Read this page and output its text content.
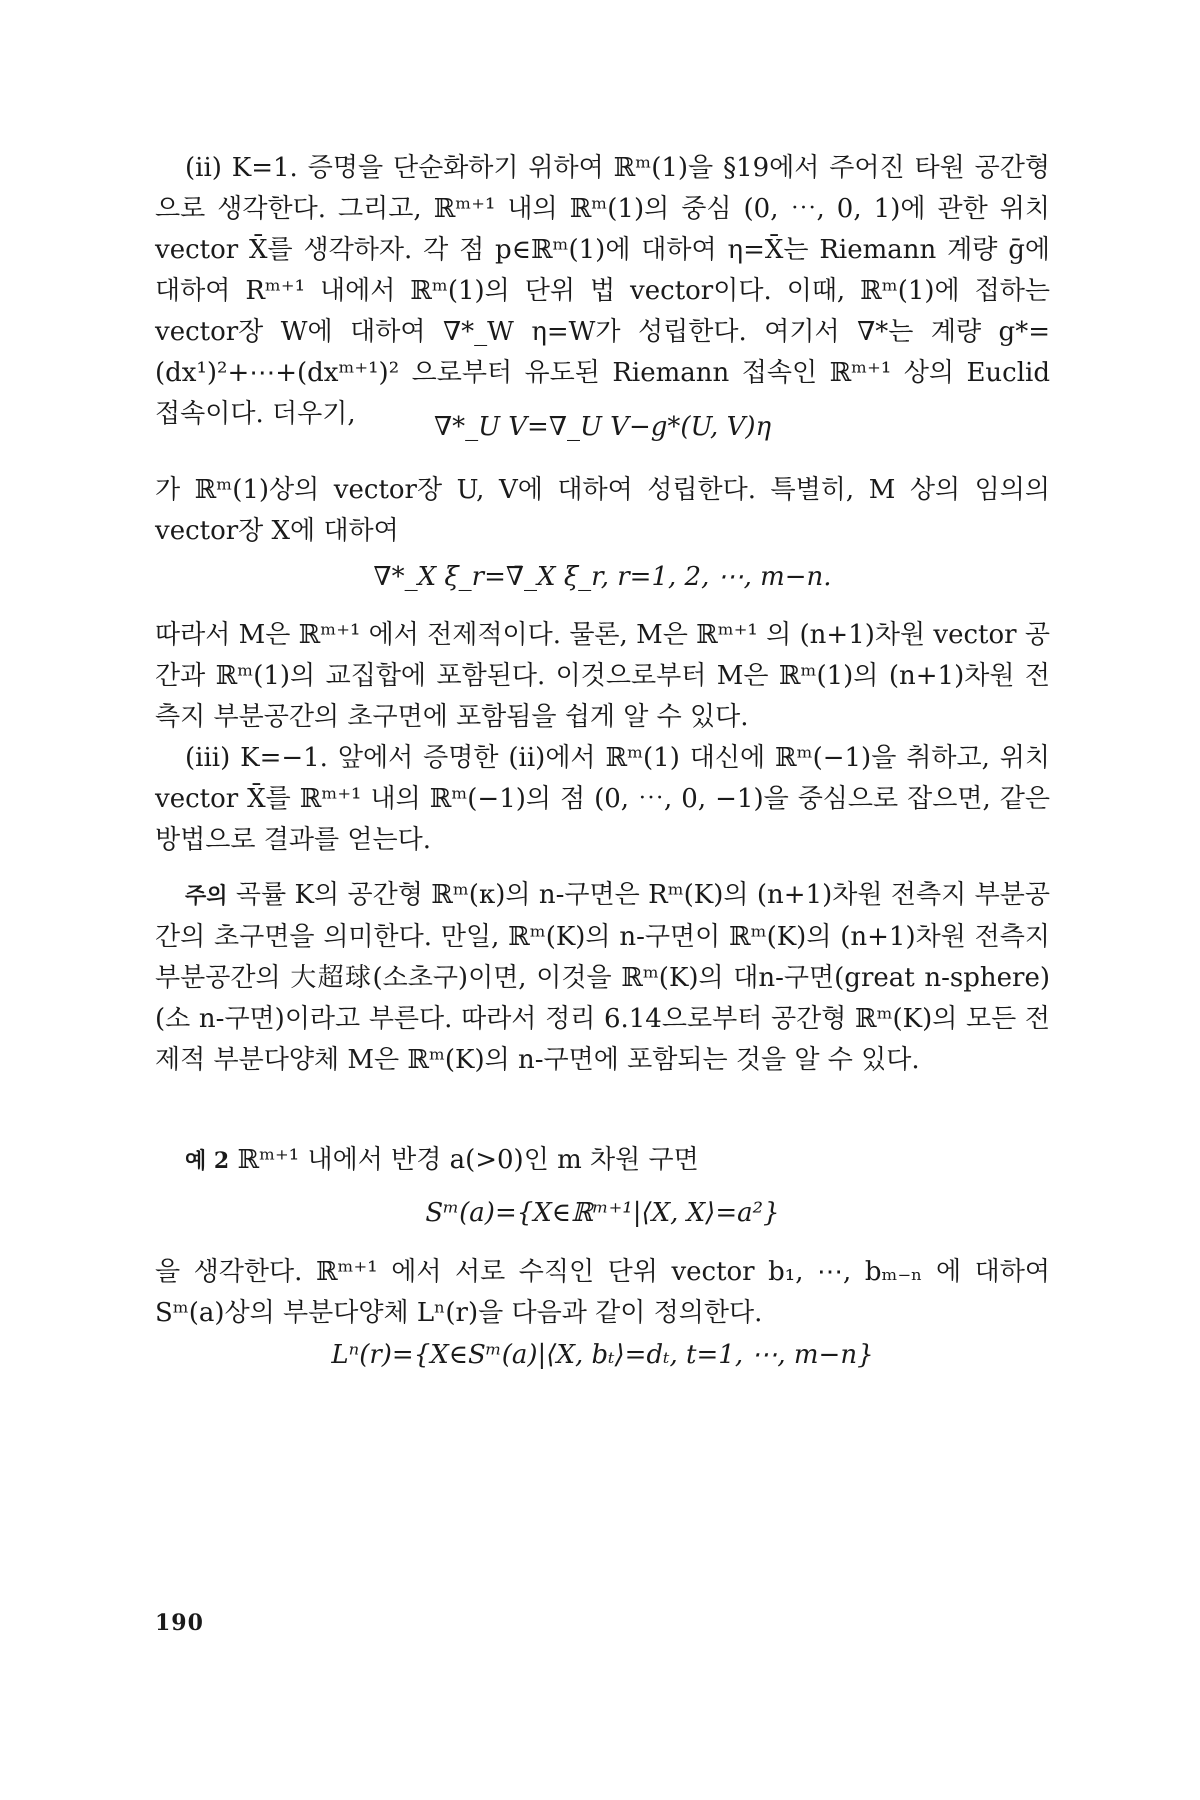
(ii) K=1. 증명을 단순화하기 위하여 ℝᵐ(1)을 §19에서 주어진 타원 공간형으로 생각한다. 그리고, ℝᵐ⁺¹ 내의 ℝᵐ(1)의 중심 (0, ⋯, 0, 1)에 관한 위치 vector X̄를 생각하자. 각 점 p∈ℝᵐ(1)에 대하여 η=X̄는 Riemann 계량 ḡ에 대하여 Rᵐ⁺¹ 내에서 ℝᵐ(1)의 단위 법 vector이다. 이때, ℝᵐ(1)에 접하는 vector장 W에 대하여 ∇*_W η=W가 성립한다. 여기서 ∇*는 계량 g*=(dx¹)²+⋯+(dxᵐ⁺¹)² 으로부터 유도된 Riemann 접속인 ℝᵐ⁺¹ 상의 Euclid 접속이다. 더우기,	∇*_U V=∇_U V−g*(U, V)η

가 ℝᵐ(1)상의 vector장 U, V에 대하여 성립한다. 특별히, M 상의 임의의 vector장 X에 대하여

∇*_X ξ_r=∇̄_X ξ_r, r=1, 2, ⋯, m−n.

따라서 M은 ℝᵐ⁺¹ 에서 전제적이다. 물론, M은 ℝᵐ⁺¹ 의 (n+1)차원 vector 공간과 ℝᵐ(1)의 교집합에 포함된다. 이것으로부터 M은 ℝᵐ(1)의 (n+1)차원 전측지 부분공간의 초구면에 포함됨을 쉽게 알 수 있다.

(iii) K=−1. 앞에서 증명한 (ii)에서 ℝᵐ(1) 대신에 ℝᵐ(−1)을 취하고, 위치 vector X̄를 ℝᵐ⁺¹ 내의 ℝᵐ(−1)의 점 (0, ⋯, 0, −1)을 중심으로 잡으면, 같은 방법으로 결과를 얻는다.

주의 곡률 K의 공간형 ℝᵐ(κ)의 n-구면은 Rᵐ(K)의 (n+1)차원 전측지 부분공간의 초구면을 의미한다. 만일, ℝᵐ(K)의 n-구면이 ℝᵐ(K)의 (n+1)차원 전측지 부분공간의 大超球(소초구)이면, 이것을 ℝᵐ(K)의 대n-구면(great n-sphere)(소 n-구면)이라고 부른다. 따라서 정리 6.14으로부터 공간형 ℝᵐ(K)의 모든 전제적 부분다양체 M은 ℝᵐ(K)의 n-구면에 포함되는 것을 알 수 있다.

예 2 ℝᵐ⁺¹ 내에서 반경 a(>0)인 m 차원 구면

Sᵐ(a)={X∈ℝᵐ⁺¹|⟨X, X⟩=a²}

을 생각한다. ℝᵐ⁺¹ 에서 서로 수직인 단위 vector b₁, ⋯, bₘ₋ₙ 에 대하여 Sᵐ(a)상의 부분다양체 Lⁿ(r)을 다음과 같이 정의한다.

Lⁿ(r)={X∈Sᵐ(a)|⟨X, bₜ⟩=dₜ, t=1, ⋯, m−n}
190
